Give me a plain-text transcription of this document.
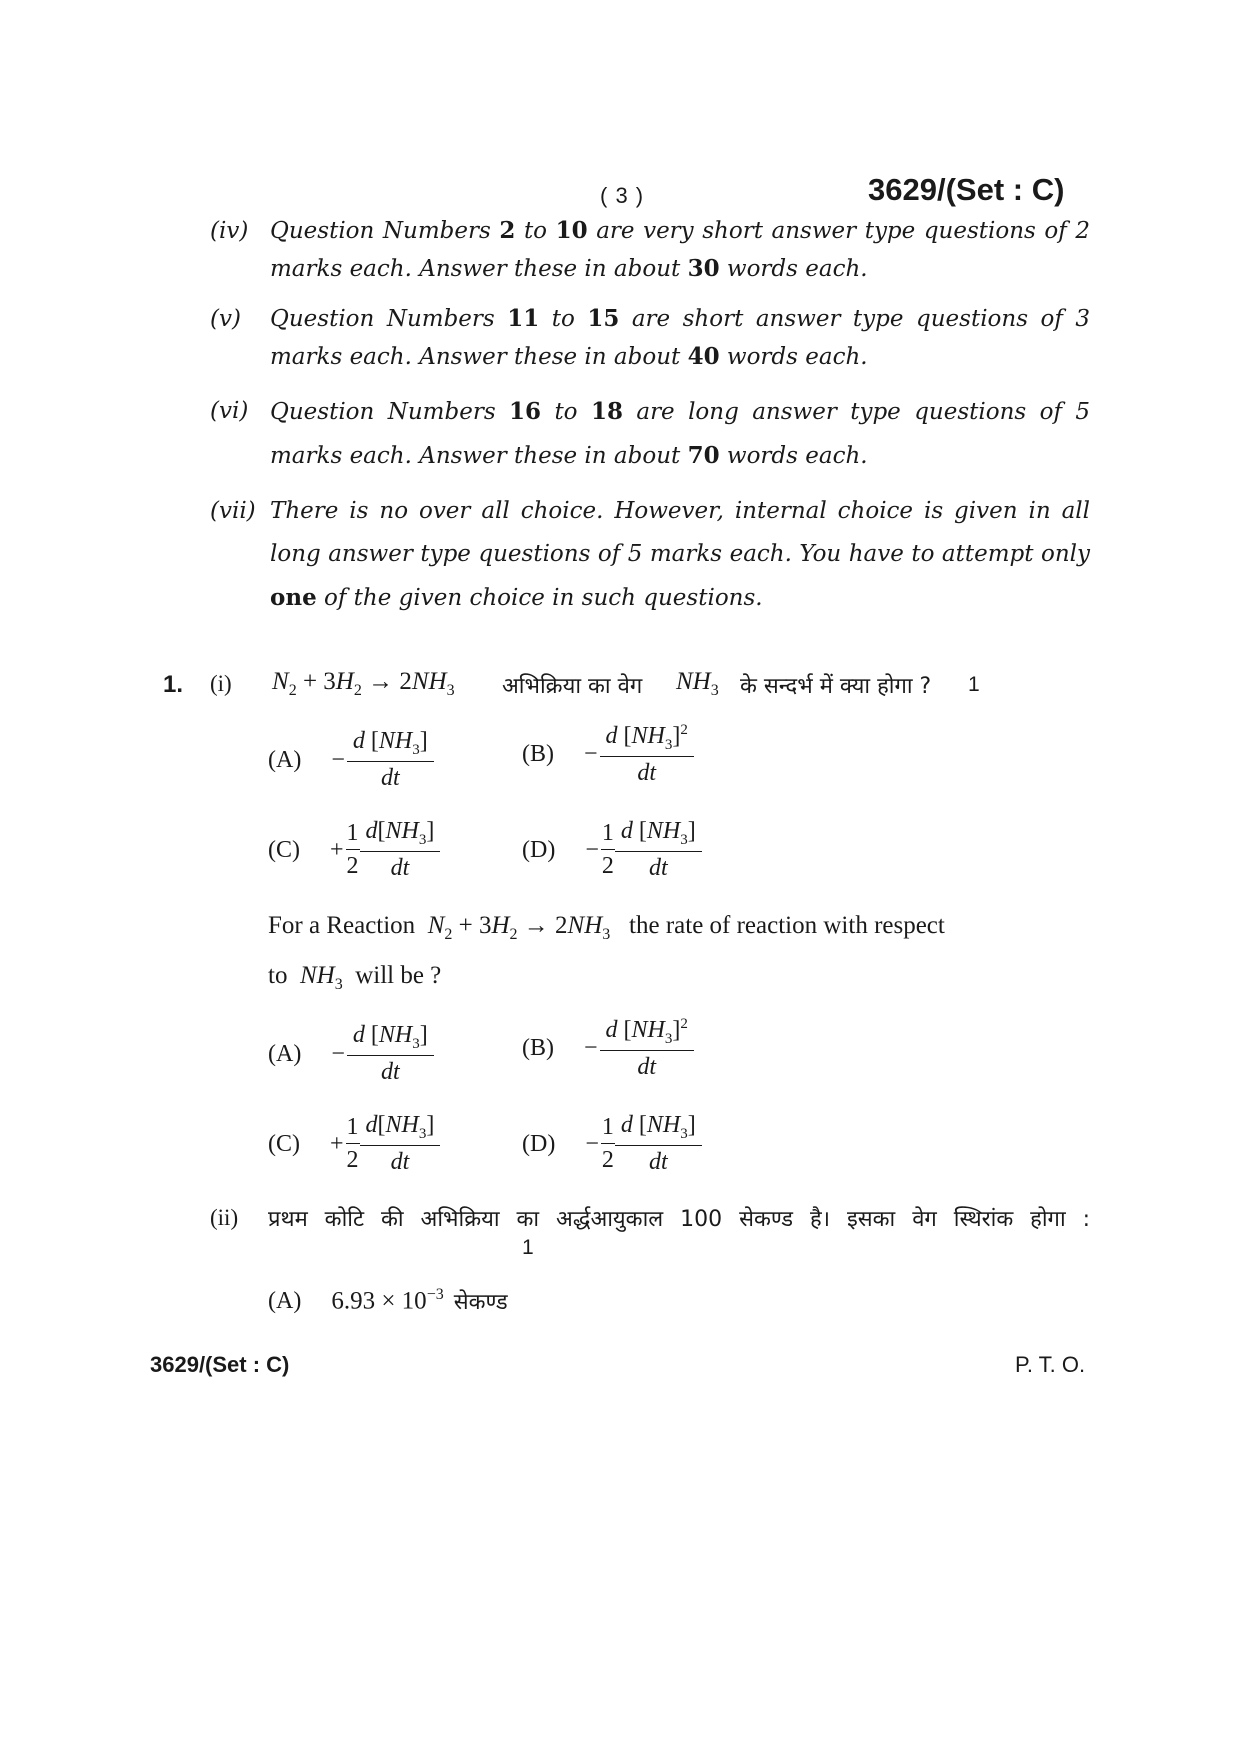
( 3 )	3629/(Set : C)
(iv) Question Numbers 2 to 10 are very short answer type questions of 2 marks each. Answer these in about 30 words each.
(v) Question Numbers 11 to 15 are short answer type questions of 3 marks each. Answer these in about 40 words each.
(vi) Question Numbers 16 to 18 are long answer type questions of 5 marks each. Answer these in about 70 words each.
(vii) There is no over all choice. However, internal choice is given in all long answer type questions of 5 marks each. You have to attempt only one of the given choice in such questions.
1. (i) $N_2 + 3H_2 \to 2NH_3$ अभिक्रिया का वेग $NH_3$ के सन्दर्भ में क्या होगा ? 1
$(A) - \frac{d [NH_3]}{dt}$	$(B) - \frac{d [NH_3]^2}{dt}$
$(C) + \frac{1}{2} \frac{d[NH_3]}{dt}$	$(D) - \frac{1}{2} \frac{d [NH_3]}{dt}$
For a Reaction $N_2 + 3H_2 \to 2NH_3$ the rate of reaction with respect
to $NH_3$ will be ?
$(A) - \frac{d [NH_3]}{dt}$	$(B) - \frac{d [NH_3]^2}{dt}$
$(C) + \frac{1}{2} \frac{d[NH_3]}{dt}$	$(D) - \frac{1}{2} \frac{d [NH_3]}{dt}$
(ii) प्रथम कोटि की अभिक्रिया का अर्द्धआयुकाल 100 सेकण्ड है। इसका वेग स्थिरांक होगा :
1
(A) $6.93 \times 10^{-3}$ सेकण्ड
3629/(Set : C)	P. T. O.
